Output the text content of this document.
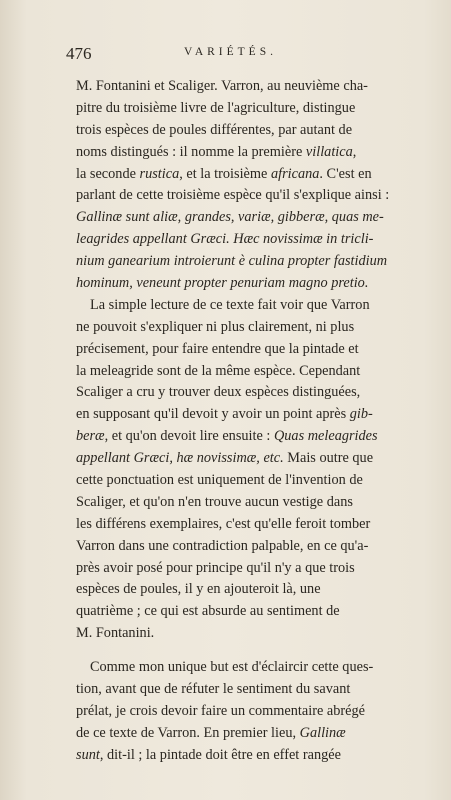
476	VARIÉTÉS.
M. Fontanini et Scaliger. Varron, au neuvième cha-
pitre du troisième livre de l'agriculture, distingue
trois espèces de poules différentes, par autant de
noms distingués : il nomme la première villatica,
la seconde rustica, et la troisième africana. C'est en
parlant de cette troisième espèce qu'il s'explique ainsi :
Gallinæ sunt aliæ, grandes, variæ, gibberæ, quas me-
leagrides appellant Græci. Hæc novissimæ in tricli-
nium ganearium introierunt è culina propter fastidium
hominum, veneunt propter penuriam magno pretio.
La simple lecture de ce texte fait voir que Varron
ne pouvoit s'expliquer ni plus clairement, ni plus
précisement, pour faire entendre que la pintade et
la meleagride sont de la même espèce. Cependant
Scaliger a cru y trouver deux espèces distinguées,
en supposant qu'il devoit y avoir un point après gib-
beræ, et qu'on devoit lire ensuite : Quas meleagrides
appellant Græci, hæ novissimæ, etc. Mais outre que
cette ponctuation est uniquement de l'invention de
Scaliger, et qu'on n'en trouve aucun vestige dans
les différens exemplaires, c'est qu'elle feroit tomber
Varron dans une contradiction palpable, en ce qu'a-
près avoir posé pour principe qu'il n'y a que trois
espèces de poules, il y en ajouteroit là, une
quatrième ; ce qui est absurde au sentiment de
M. Fontanini.
Comme mon unique but est d'éclaircir cette ques-
tion, avant que de réfuter le sentiment du savant
prélat, je crois devoir faire un commentaire abrégé
de ce texte de Varron. En premier lieu, Gallinæ
sunt, dit-il ; la pintade doit être en effet rangée
